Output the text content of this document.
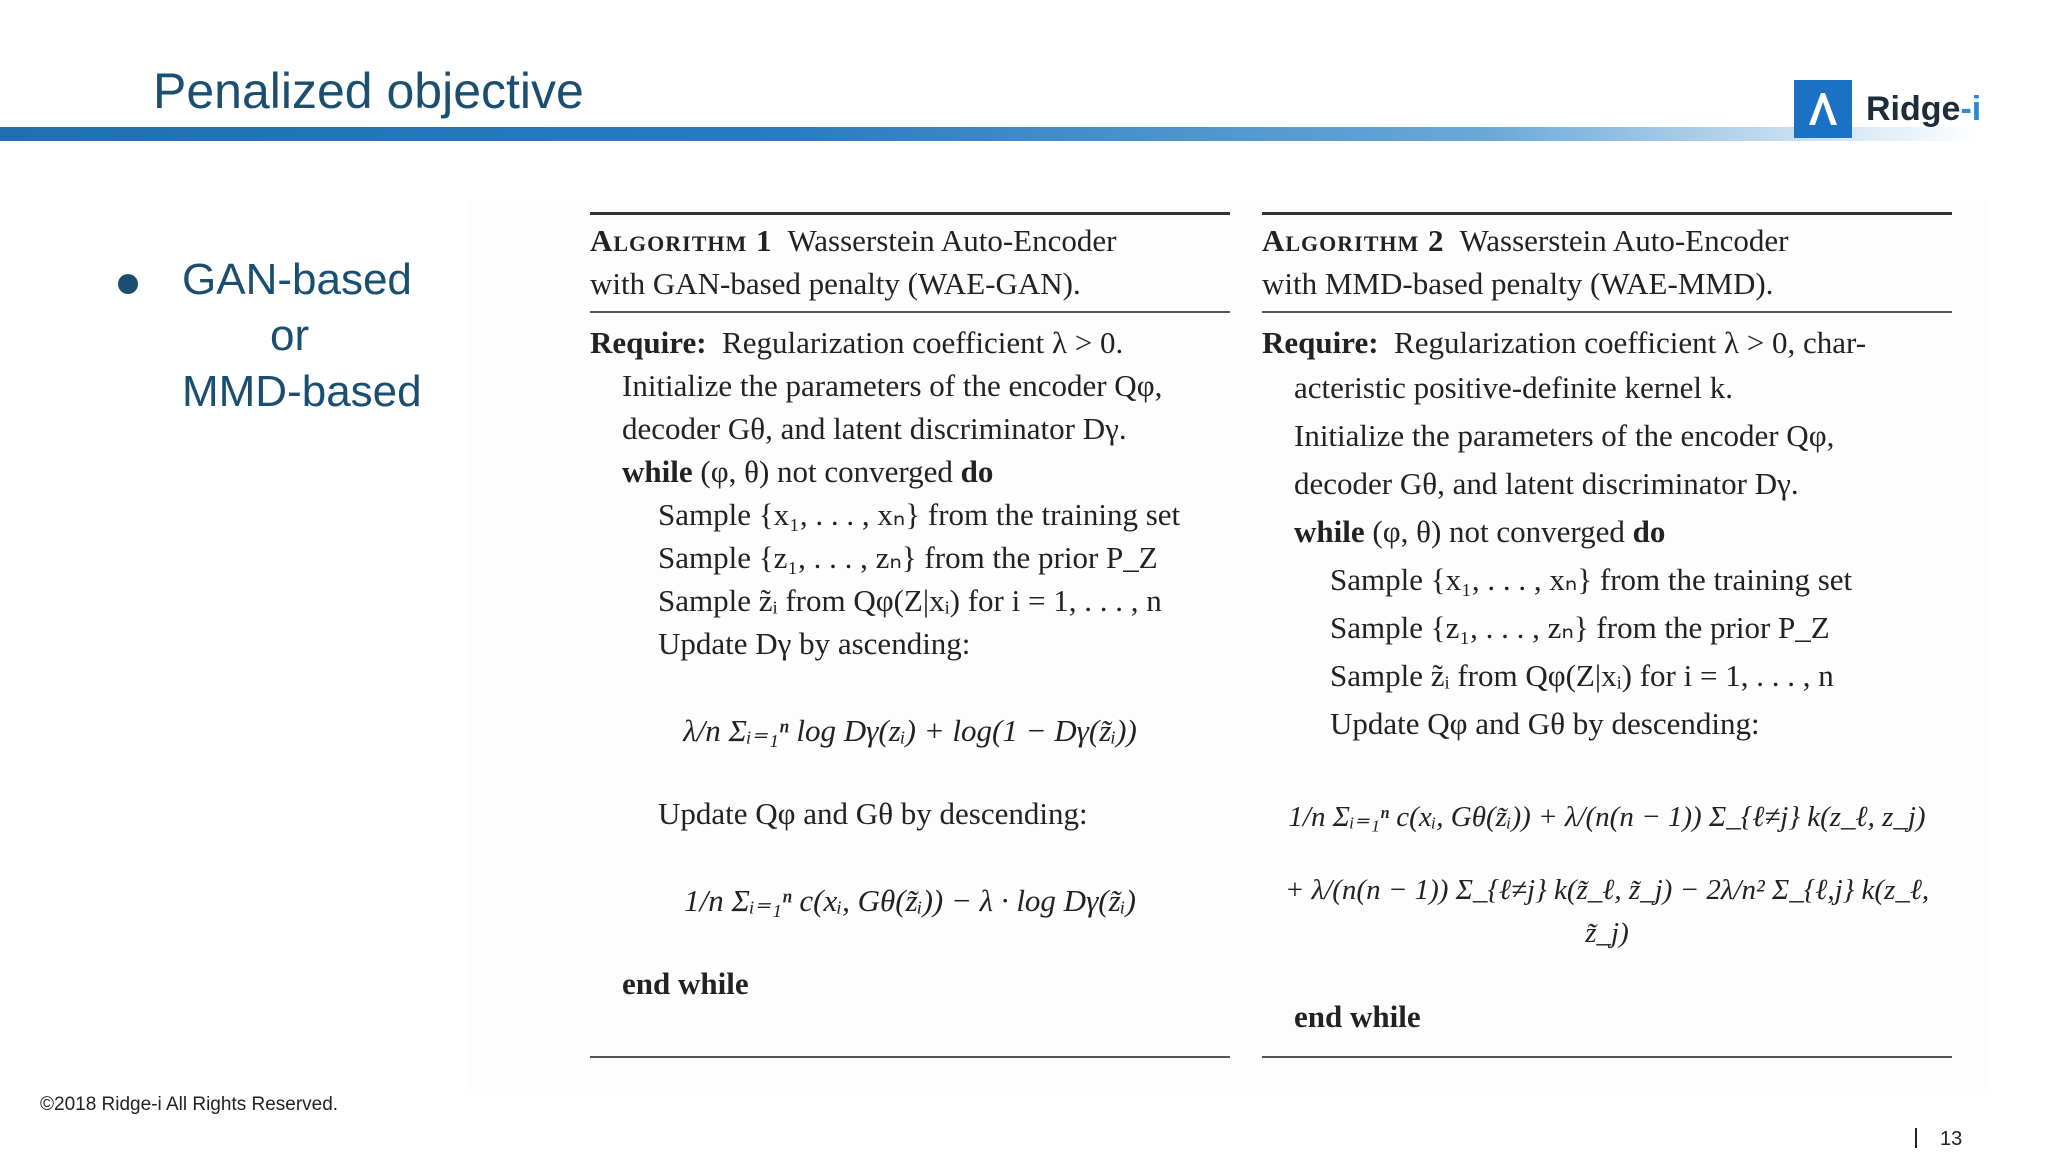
Penalized objective	Ridge-i
GAN-based

or
MMD-based
Algorithm 1 Wasserstein Auto-Encoder
with GAN-based penalty (WAE-GAN).
Require: Regularization coefficient λ > 0.
Initialize the parameters of the encoder Qφ,
decoder Gθ, and latent discriminator Dγ.
while (φ, θ) not converged do
Sample {x₁, . . . , xₙ} from the training set
Sample {z₁, . . . , zₙ} from the prior P_Z
Sample z̃ᵢ from Qφ(Z|xᵢ) for i = 1, . . . , n
Update Dγ by ascending:
λ/n Σᵢ₌₁ⁿ log Dγ(zᵢ) + log(1 − Dγ(z̃ᵢ))
Update Qφ and Gθ by descending:
1/n Σᵢ₌₁ⁿ c(xᵢ, Gθ(z̃ᵢ)) − λ · log Dγ(z̃ᵢ)
end while
Algorithm 2 Wasserstein Auto-Encoder
with MMD-based penalty (WAE-MMD).
Require: Regularization coefficient λ > 0, char-
acteristic positive-definite kernel k.
Initialize the parameters of the encoder Qφ,
decoder Gθ, and latent discriminator Dγ.
while (φ, θ) not converged do
Sample {x₁, . . . , xₙ} from the training set
Sample {z₁, . . . , zₙ} from the prior P_Z
Sample z̃ᵢ from Qφ(Z|xᵢ) for i = 1, . . . , n
Update Qφ and Gθ by descending:
1/n Σᵢ₌₁ⁿ c(xᵢ, Gθ(z̃ᵢ)) + λ/(n(n − 1)) Σ_{ℓ≠j} k(z_ℓ, z_j)
+ λ/(n(n − 1)) Σ_{ℓ≠j} k(z̃_ℓ, z̃_j) − 2λ/n² Σ_{ℓ,j} k(z_ℓ, z̃_j)
end while
©2018 Ridge-i All Rights Reserved.
13
